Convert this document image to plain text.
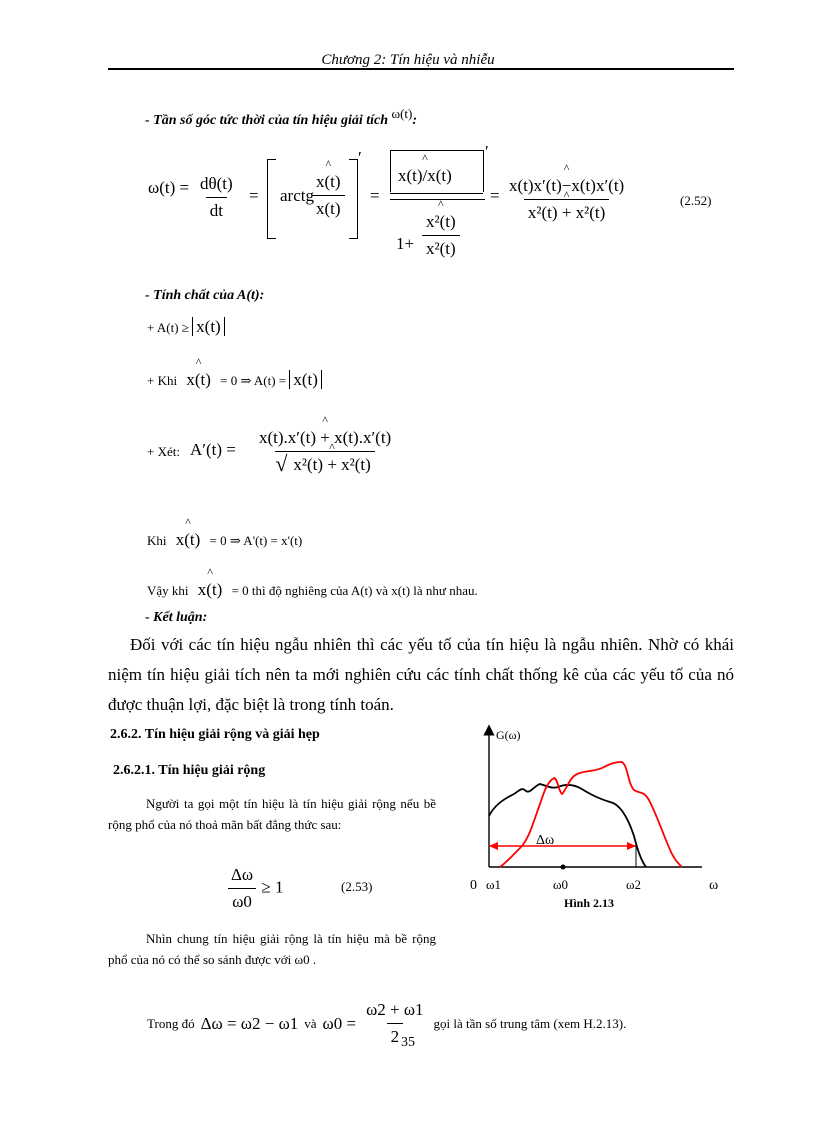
Chương 2: Tín hiệu và nhiễu
- Tần số góc tức thời của tín hiệu giải tích ω(t):
$\omega(t) = \frac{d\theta(t)}{dt}$ = arctg
^ $\frac{x(t)}{x(t)}$
′
=
^ x(t)/x(t)
′
1+
^ $\frac{\text{x²(t)}}{\text{x²(t)}}$
=
^ x(t)x′(t)−x(t)x′(t)
^ x²(t) + x²(t)	(2.52)
- Tính chất của A(t):
+ A(t) ≥ x(t)
+ Khi ^ x(t) = 0 ⇒ A(t) = x(t)
+ Xét: A′(t) =
^ x(t).x′(t) + x(t).x′(t)
√
^ x²(t) + x²(t)
Khi ^ x(t) = 0 ⇒ A'(t) = x'(t)
Vậy khi ^ x(t) = 0 thì độ nghiêng của A(t) và x(t) là như nhau.
- Kết luận:
Đối với các tín hiệu ngẫu nhiên thì các yếu tố của tín hiệu là ngẫu nhiên. Nhờ có khái niệm tín hiệu giải tích nên ta mới nghiên cứu các tính chất thống kê của các yếu tố của nó được thuận lợi, đặc biệt là trong tính toán.
2.6.2. Tín hiệu giải rộng và giải hẹp
2.6.2.1. Tín hiệu giải rộng
Người ta gọi một tín hiệu là tín hiệu giải rộng nếu bề rộng phổ của nó thoả mãn bất đẳng thức sau:
$\frac{\Delta\omega}{\omega 0} \ge 1$	(2.53)
Nhìn chung tín hiệu giải rộng là tín hiệu mà bề rộng phổ của nó có thể so sánh được với ω0 .
Trong đó Δω = ω2 − ω1 và $\omega 0 = \frac{\omega 2 + \omega 1}{2}$ gọi là tần số trung tâm (xem H.2.13).
35
G(ω)
Δω
0 ω1	ω0	ω2	ω
Hình 2.13
